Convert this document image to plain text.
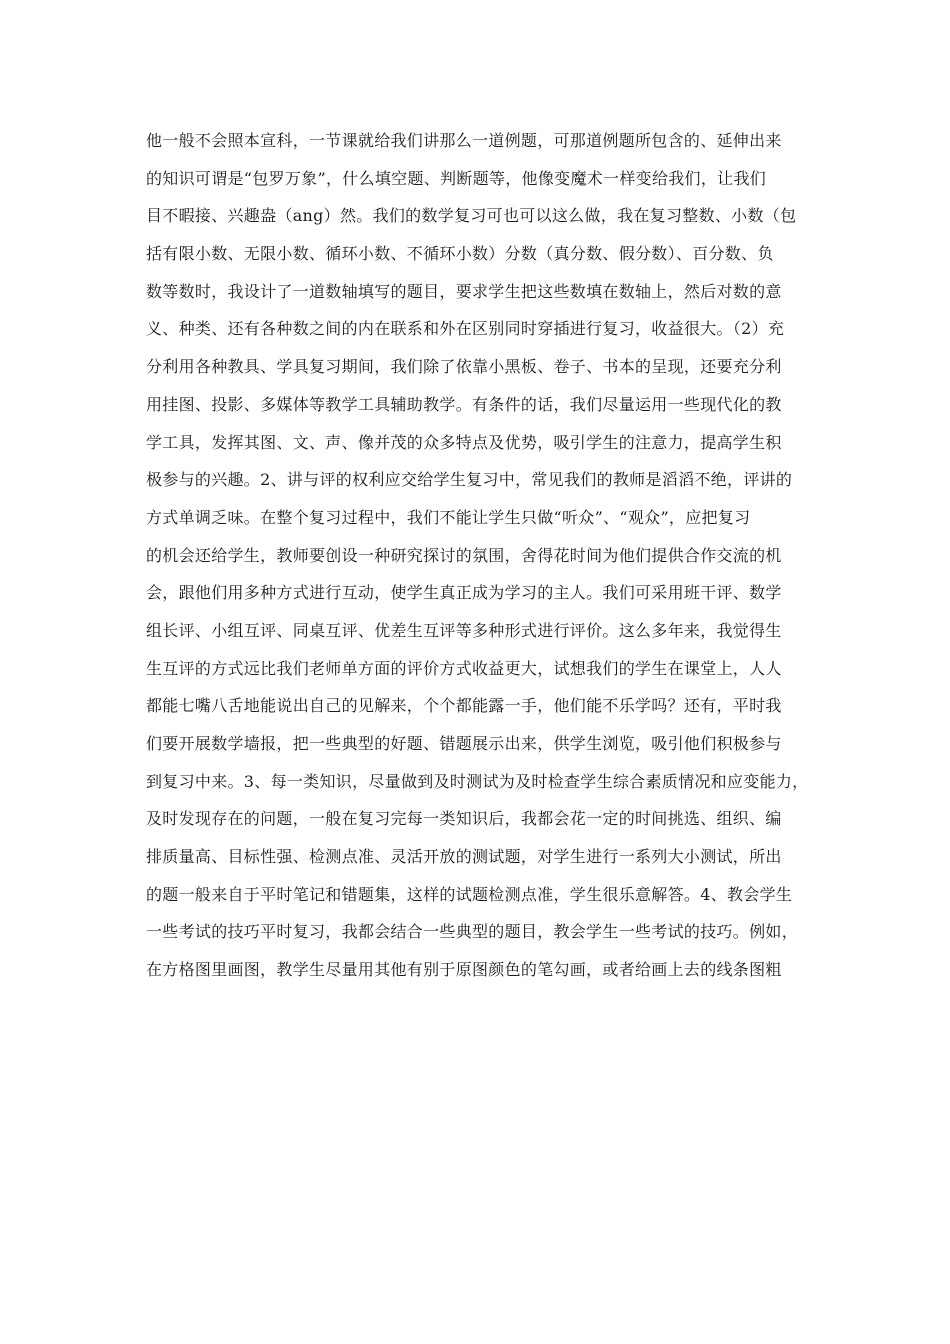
他一般不会照本宣科，一节课就给我们讲那么一道例题，可那道例题所包含的、延伸出来
的知识可谓是“包罗万象”，什么填空题、判断题等，他像变魔术一样变给我们，让我们
目不暇接、兴趣盎（ang）然。我们的数学复习可也可以这么做，我在复习整数、小数（包
括有限小数、无限小数、循环小数、不循环小数）分数（真分数、假分数）、百分数、负
数等数时，我设计了一道数轴填写的题目，要求学生把这些数填在数轴上，然后对数的意
义、种类、还有各种数之间的内在联系和外在区别同时穿插进行复习，收益很大。（2）充
分利用各种教具、学具复习期间，我们除了依靠小黑板、卷子、书本的呈现，还要充分利
用挂图、投影、多媒体等教学工具辅助教学。有条件的话，我们尽量运用一些现代化的教
学工具，发挥其图、文、声、像并茂的众多特点及优势，吸引学生的注意力，提高学生积
极参与的兴趣。2、讲与评的权利应交给学生复习中，常见我们的教师是滔滔不绝，评讲的
方式单调乏味。在整个复习过程中，我们不能让学生只做“听众”、“观众”，应把复习
的机会还给学生，教师要创设一种研究探讨的氛围，舍得花时间为他们提供合作交流的机
会，跟他们用多种方式进行互动，使学生真正成为学习的主人。我们可采用班干评、数学
组长评、小组互评、同桌互评、优差生互评等多种形式进行评价。这么多年来，我觉得生
生互评的方式远比我们老师单方面的评价方式收益更大，试想我们的学生在课堂上，人人
都能七嘴八舌地能说出自己的见解来，个个都能露一手，他们能不乐学吗？还有，平时我
们要开展数学墙报，把一些典型的好题、错题展示出来，供学生浏览，吸引他们积极参与
到复习中来。3、每一类知识，尽量做到及时测试为及时检查学生综合素质情况和应变能力，
及时发现存在的问题，一般在复习完每一类知识后，我都会花一定的时间挑选、组织、编
排质量高、目标性强、检测点准、灵活开放的测试题，对学生进行一系列大小测试，所出
的题一般来自于平时笔记和错题集，这样的试题检测点准，学生很乐意解答。4、教会学生
一些考试的技巧平时复习，我都会结合一些典型的题目，教会学生一些考试的技巧。例如，
在方格图里画图，教学生尽量用其他有别于原图颜色的笔勾画，或者给画上去的线条图粗
